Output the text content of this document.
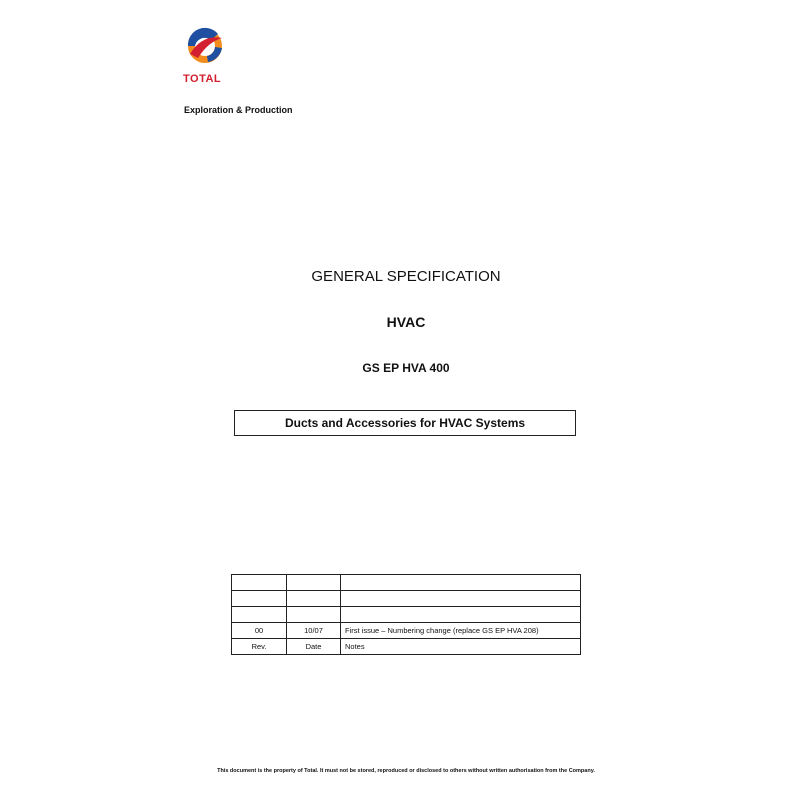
TOTAL
Exploration & Production
GENERAL SPECIFICATION
HVAC
GS EP HVA 400
Ducts and Accessories for HVAC Systems

00	10/07	First issue – Numbering change (replace GS EP HVA 208)
Rev.	Date	Notes
This document is the property of Total. It must not be stored, reproduced or disclosed to others without written authorisation from the Company.
